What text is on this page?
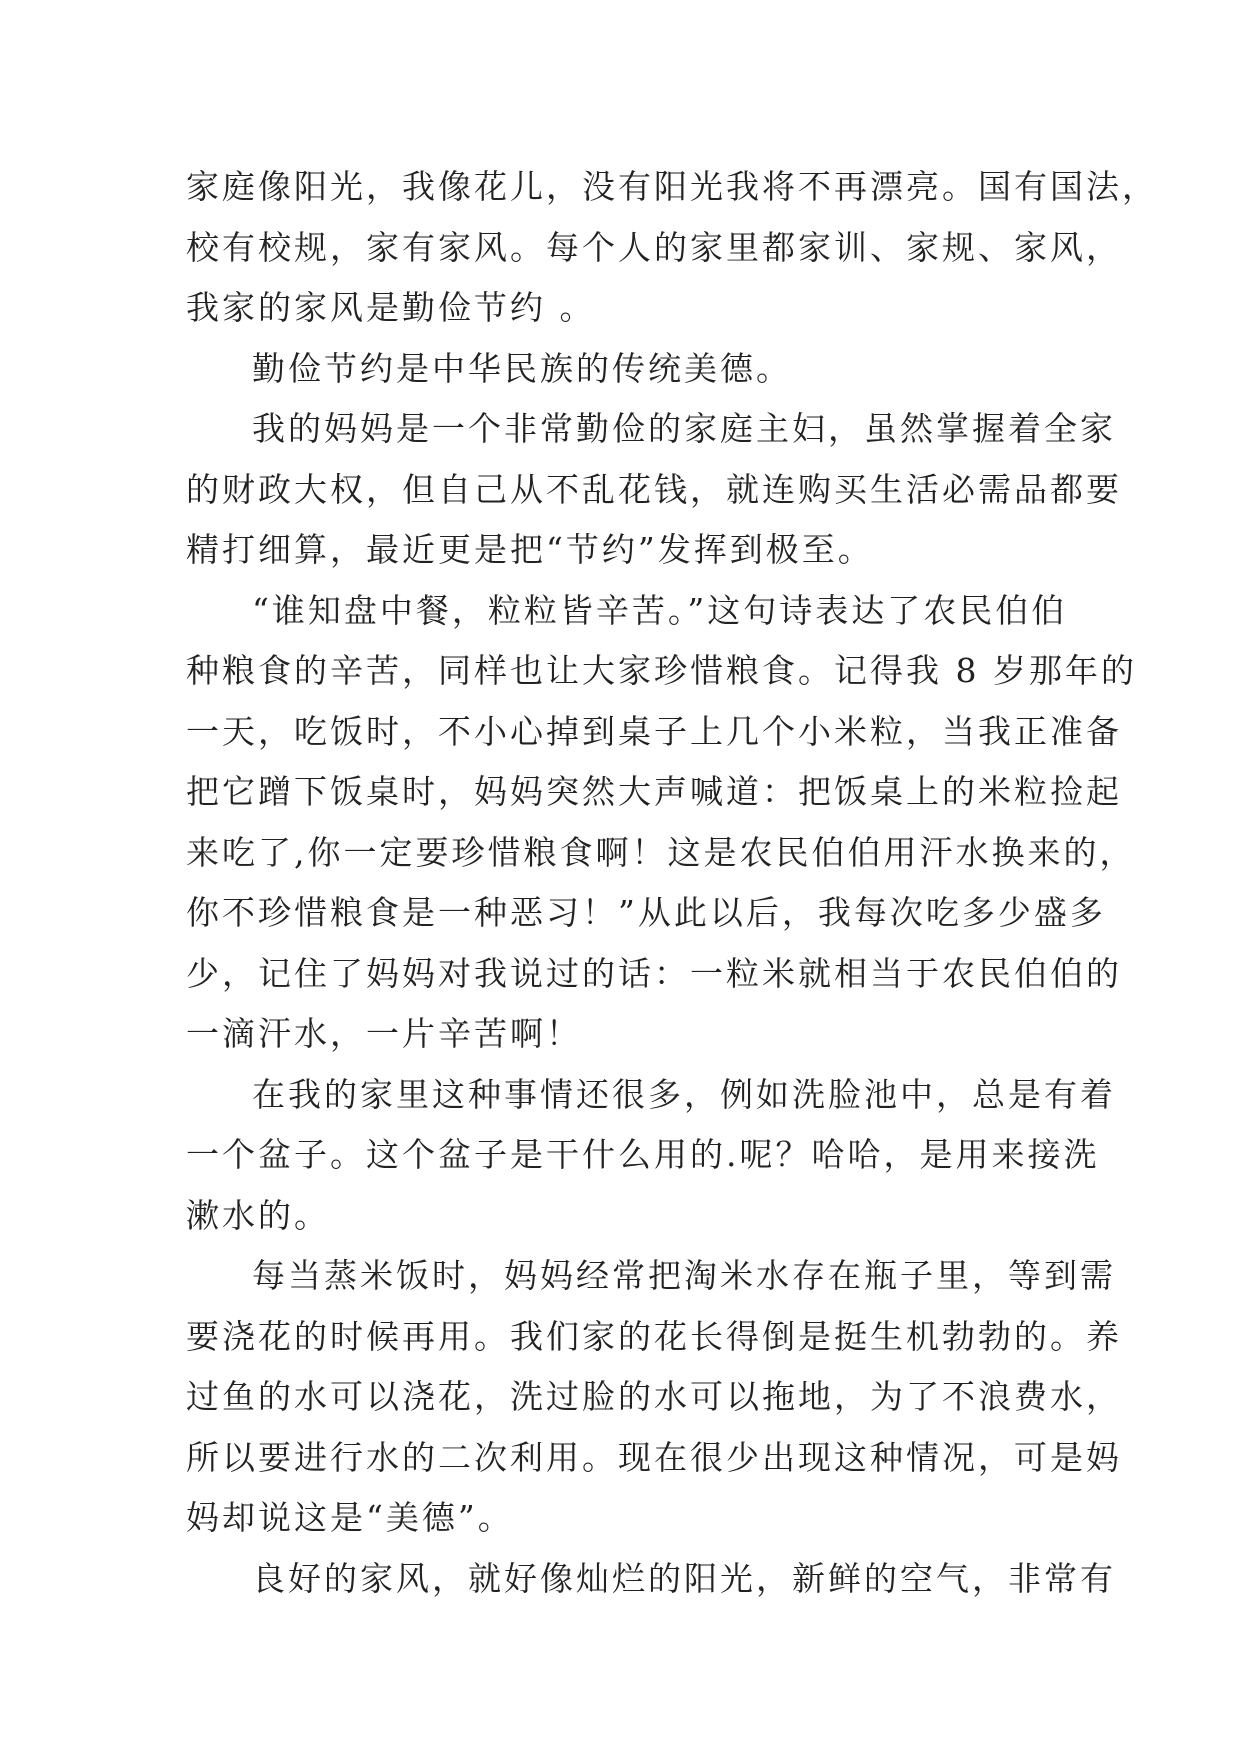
家庭像阳光，我像花儿，没有阳光我将不再漂亮。国有国法，
校有校规，家有家风。每个人的家里都家训、家规、家风，
我家的家风是勤俭节约 。
勤俭节约是中华民族的传统美德。
我的妈妈是一个非常勤俭的家庭主妇，虽然掌握着全家
的财政大权，但自己从不乱花钱，就连购买生活必需品都要
精打细算，最近更是把“节约”发挥到极至。
“谁知盘中餐，粒粒皆辛苦。”这句诗表达了农民伯伯
种粮食的辛苦，同样也让大家珍惜粮食。记得我 8 岁那年的
一天，吃饭时，不小心掉到桌子上几个小米粒，当我正准备
把它蹭下饭桌时，妈妈突然大声喊道：把饭桌上的米粒捡起
来吃了,你一定要珍惜粮食啊！这是农民伯伯用汗水换来的，
你不珍惜粮食是一种恶习！”从此以后，我每次吃多少盛多
少，记住了妈妈对我说过的话：一粒米就相当于农民伯伯的
一滴汗水，一片辛苦啊！
在我的家里这种事情还很多，例如洗脸池中，总是有着
一个盆子。这个盆子是干什么用的.呢？哈哈，是用来接洗
漱水的。
每当蒸米饭时，妈妈经常把淘米水存在瓶子里，等到需
要浇花的时候再用。我们家的花长得倒是挺生机勃勃的。养
过鱼的水可以浇花，洗过脸的水可以拖地，为了不浪费水，
所以要进行水的二次利用。现在很少出现这种情况，可是妈
妈却说这是“美德”。
良好的家风，就好像灿烂的阳光，新鲜的空气，非常有
